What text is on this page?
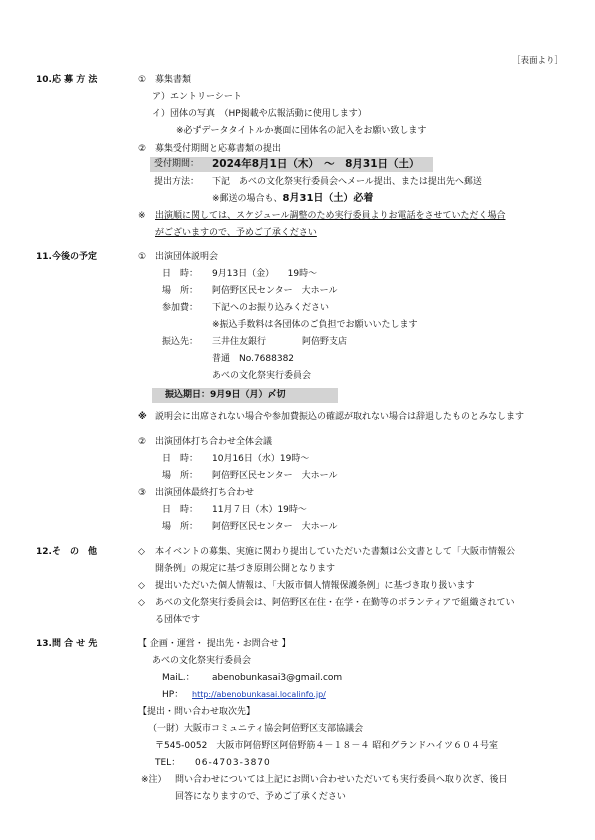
［表面より］
10.応 募 方 法	① 募集書類
ア）エントリーシート
イ）団体の写真　（HP掲載や広報活動に使用します）
※必ずデータタイトルか裏面に団体名の記入をお願い致します
② 募集受付期間と応募書類の提出
受付期間： 2024年8月1日（木）　～　8月31日（土）
提出方法： 下記　あべの文化祭実行委員会へメール提出、または提出先へ郵送
※郵送の場合も、8月31日（土）必着
※ 出演順に関しては、スケジュール調整のため実行委員よりお電話をさせていただく場合
がございますので、予めご了承ください
11.今後の予定	① 出演団体説明会
日　時： 9月13日（金）　　19時～
場　所： 阿倍野区民センター　大ホール
参加費： 下記へのお振り込みください
※振込手数料は各団体のご負担でお願いいたします
振込先： 三井住友銀行	阿倍野支店
普通　No.7688382
あべの文化祭実行委員会
振込期日：9月9日（月）〆切
※ 説明会に出席されない場合や参加費振込の確認が取れない場合は辞退したものとみなします
② 出演団体打ち合わせ全体会議
日　時： 10月16日（水）19時～
場　所： 阿倍野区民センター　大ホール
③ 出演団体最終打ち合わせ
日　時： 11月７日（木）19時～
場　所： 阿倍野区民センター　大ホール
12.そ　の　他	◇ 本イベントの募集、実施に関わり提出していただいた書類は公文書として「大阪市情報公
開条例」の規定に基づき原則公開となります
◇ 提出いただいた個人情報は、「大阪市個人情報保護条例」に基づき取り扱います
◇ あべの文化祭実行委員会は、阿倍野区在住・在学・在勤等のボランティアで組織されてい
る団体です
13.問 合 せ 先	【 企画・運営・ 提出先・お問合せ 】
あべの文化祭実行委員会
MaiL.： abenobunkasai3@gmail.com
HP： http://abenobunkasai.localinfo.jp/
【提出・問い合わせ取次先】
（一財）大阪市コミュニティ協会阿倍野区支部協議会
〒545-0052　大阪市阿倍野区阿倍野筋４－１８－４ 昭和グランドハイツ６０４号室
TEL： 06-4703-3870
※注） 問い合わせについては上記にお問い合わせいただいても実行委員へ取り次ぎ、後日
回答になりますので、予めご了承ください
